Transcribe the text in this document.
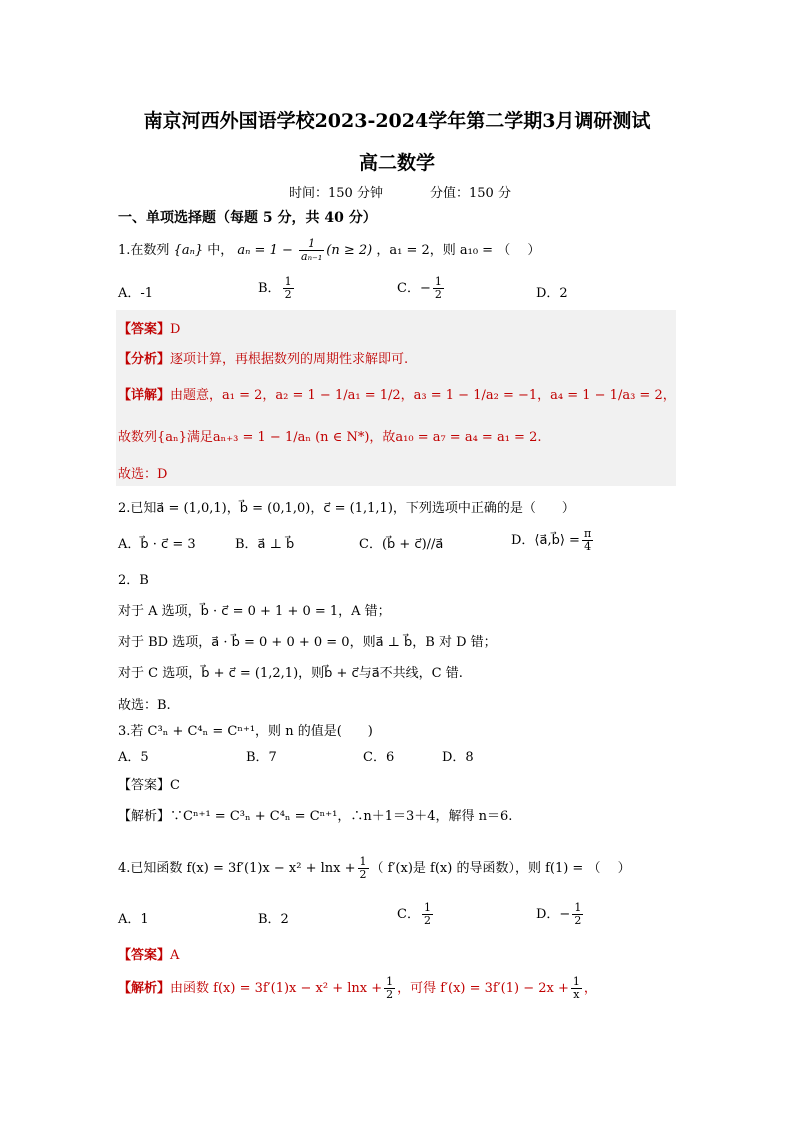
南京河西外国语学校2023-2024学年第二学期3月调研测试
高二数学
时间：150 分钟	分值：150 分
一、单项选择题（每题 5 分，共 40 分）
1.在数列 {aₙ} 中， $a_n = 1 - \frac{1}{\text{aₙ₋₁}} (n \ge 2)$ ，a₁ = 2，则 a₁₀ = （　 ）
A．-1	B． $\frac{1}{2}$	C．− $\frac{1}{2}$	D．2
【答案】D
【分析】逐项计算，再根据数列的周期性求解即可.
【详解】由题意，a₁ = 2，a₂ = 1 − 1/a₁ = 1/2，a₃ = 1 − 1/a₂ = −1，a₄ = 1 − 1/a₃ = 2，
故数列{aₙ}满足aₙ₊₃ = 1 − 1/aₙ (n ∈ N*)，故a₁₀ = a₇ = a₄ = a₁ = 2.
故选：D
2.已知a⃗ = (1,0,1)，b⃗ = (0,1,0)，c⃗ = (1,1,1)，下列选项中正确的是（　　）
A．b⃗ · c⃗ = 3	B．a⃗ ⊥ b⃗	C．(b⃗ + c⃗)//a⃗	D．⟨a⃗,b⃗⟩ = $\frac{\pi}{4}$
2．B
对于 A 选项，b⃗ · c⃗ = 0 + 1 + 0 = 1，A 错；
对于 BD 选项，a⃗ · b⃗ = 0 + 0 + 0 = 0，则a⃗ ⊥ b⃗，B 对 D 错；
对于 C 选项，b⃗ + c⃗ = (1,2,1)，则b⃗ + c⃗与a⃗不共线，C 错.
故选：B.
3.若 C³ₙ + C⁴ₙ = Cⁿ⁺¹，则 n 的值是(　　)
A．5	B．7	C．6	D．8
【答案】C
【解析】∵Cⁿ⁺¹ = C³ₙ + C⁴ₙ = Cⁿ⁺¹，∴n＋1＝3＋4，解得 n＝6.
4.已知函数 $f(x) = 3f'(1)x - x^2 + \ln x + \frac{1}{2}$ （ f′(x)是 f(x) 的导函数），则 f(1) = （　 ）
A．1	B．2	C． $\frac{1}{2}$	D．− $\frac{1}{2}$
【答案】A
【解析】由函数 $f(x) = 3f'(1)x - x^2 + \ln x + \frac{1}{2}$ ，可得 $f'(x) = 3f'(1) - 2x + \frac{1}{x}$ ，
